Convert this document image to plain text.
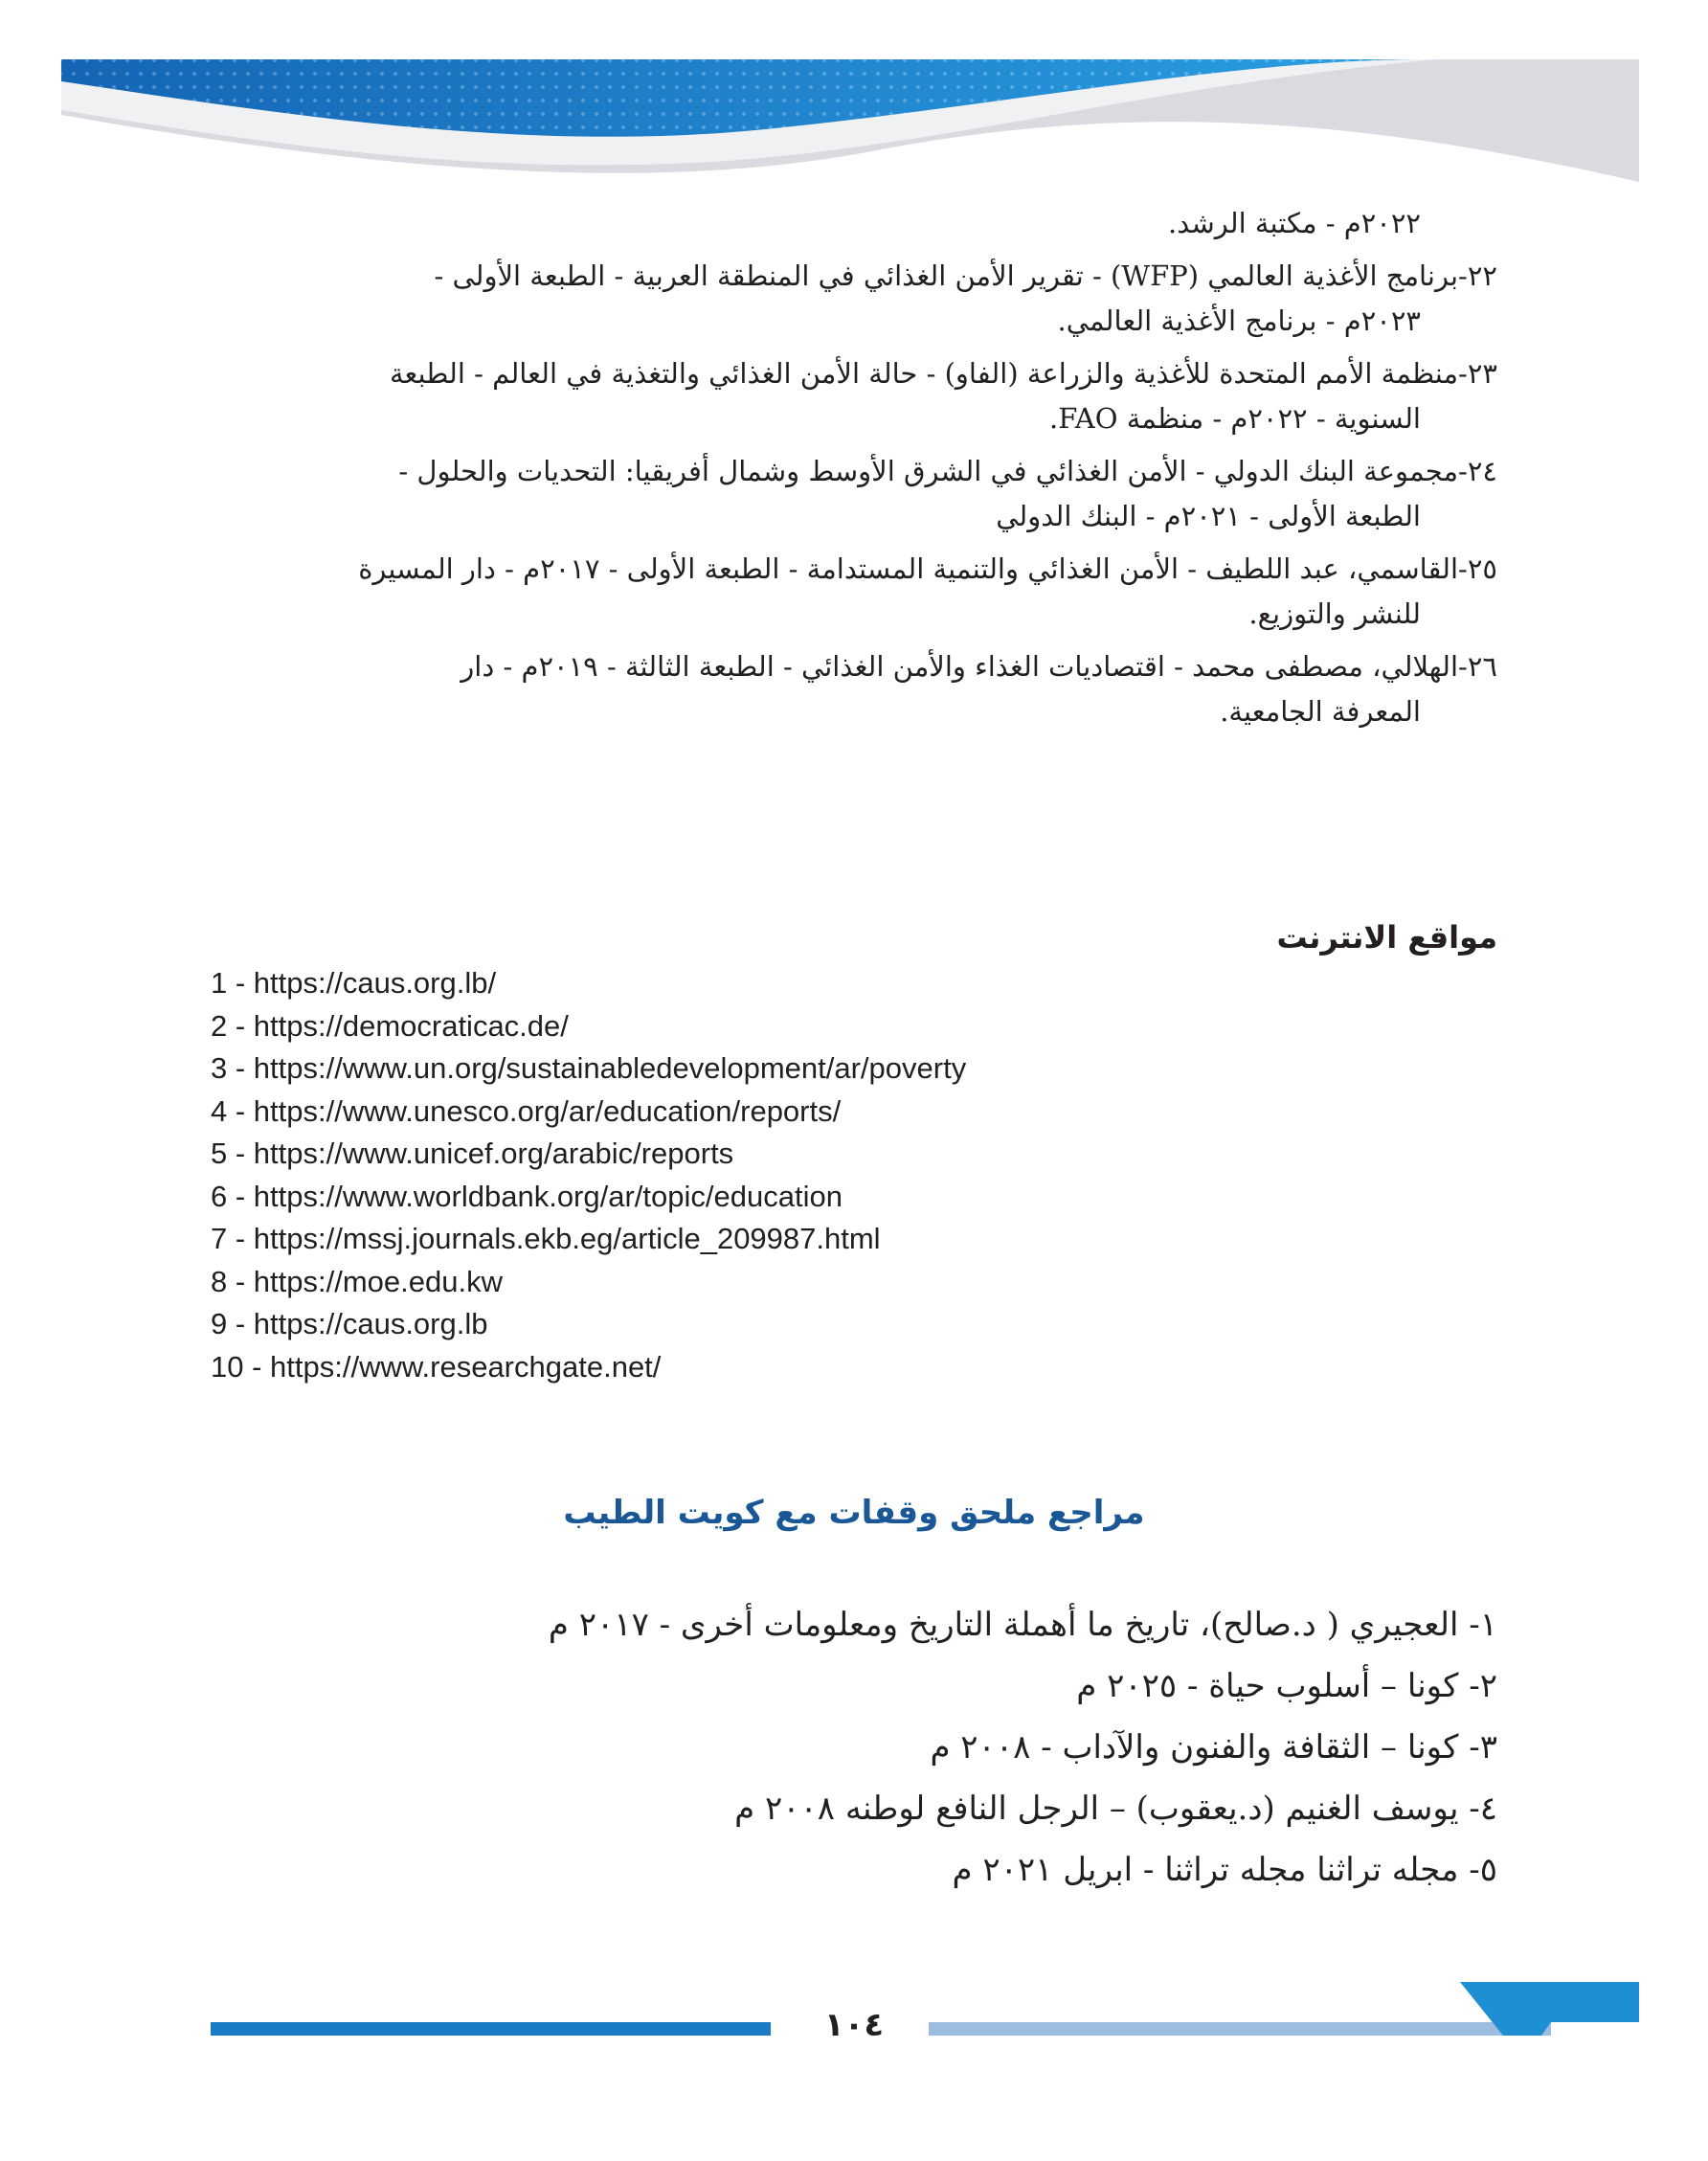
٢٠٢٢م - مكتبة الرشد.
٢٢-برنامج الأغذية العالمي (WFP) - تقرير الأمن الغذائي في المنطقة العربية - الطبعة الأولى -
٢٠٢٣م - برنامج الأغذية العالمي.
٢٣-منظمة الأمم المتحدة للأغذية والزراعة (الفاو) - حالة الأمن الغذائي والتغذية في العالم - الطبعة
السنوية - ٢٠٢٢م - منظمة FAO.
٢٤-مجموعة البنك الدولي - الأمن الغذائي في الشرق الأوسط وشمال أفريقيا: التحديات والحلول -
الطبعة الأولى - ٢٠٢١م - البنك الدولي
٢٥-القاسمي، عبد اللطيف - الأمن الغذائي والتنمية المستدامة - الطبعة الأولى - ٢٠١٧م - دار المسيرة
للنشر والتوزيع.
٢٦-الهلالي، مصطفى محمد - اقتصاديات الغذاء والأمن الغذائي - الطبعة الثالثة - ٢٠١٩م - دار
المعرفة الجامعية.
مواقع الانترنت
1 - https://caus.org.lb/
2 - https://democraticac.de/
3 - https://www.un.org/sustainabledevelopment/ar/poverty
4 - https://www.unesco.org/ar/education/reports/
5 - https://www.unicef.org/arabic/reports
6 - https://www.worldbank.org/ar/topic/education
7 - https://mssj.journals.ekb.eg/article_209987.html
8 - https://moe.edu.kw
9 - https://caus.org.lb
10 - https://www.researchgate.net/
مراجع ملحق وقفات مع كويت الطيب
١- العجيري ( د.صالح)، تاريخ ما أهملة التاريخ ومعلومات أخرى - ٢٠١٧ م
٢- كونا – أسلوب حياة - ٢٠٢٥ م
٣- كونا – الثقافة والفنون والآداب - ٢٠٠٨ م
٤- يوسف الغنيم (د.يعقوب) – الرجل النافع لوطنه ٢٠٠٨ م
٥- مجله تراثنا مجله تراثنا - ابريل ٢٠٢١ م
١٠٤
